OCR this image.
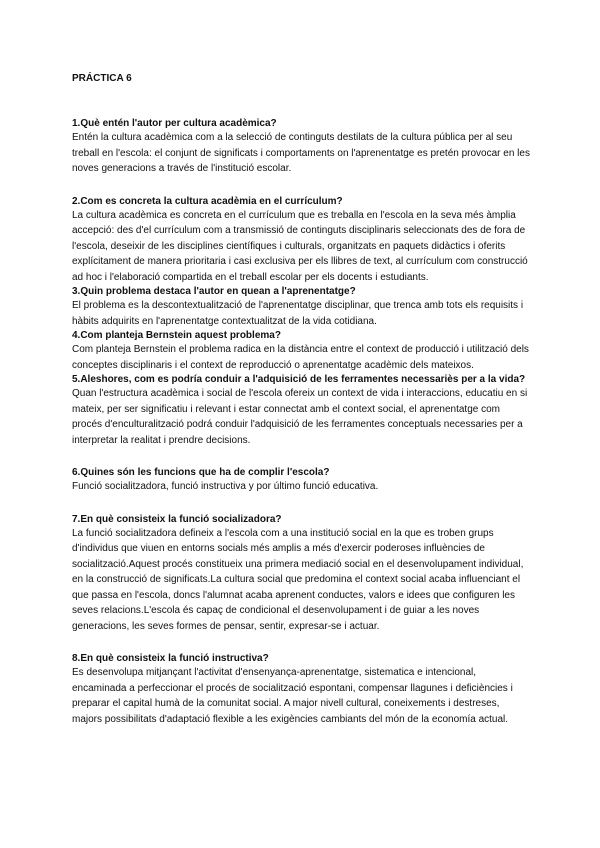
PRÁCTICA 6

1.Què entén l'autor per cultura acadèmica?

Entén la cultura acadèmica com a la selecció de continguts destilats de la cultura pública per al seu treball en l'escola: el conjunt de significats i comportaments on l'aprenentatge es pretén provocar en les noves generacions a través de l'institució escolar.

2.Com es concreta la cultura acadèmia en el currículum?

La cultura acadèmica es concreta en el currículum que es treballa en l'escola en la seva més àmplia accepció: des d'el currículum com a transmissió de continguts disciplinaris seleccionats des de fora de l'escola, deseixir de les disciplines científiques i culturals, organitzats en paquets didàctics i oferits explícitament de manera prioritaria i casi exclusiva per els llibres de text, al currículum com construcció ad hoc i l'elaboració compartida en el treball escolar per els docents i estudiants.

3.Quin problema destaca l'autor en quean a l'aprenentatge?

El problema es la descontextualització de l'aprenentatge disciplinar, que trenca amb tots els requisits i hàbits adquirits en l'aprenentatge contextualitzat de la vida cotidiana.

4.Com planteja Bernstein aquest problema?

Com planteja Bernstein el problema radica en la distància entre el context de producció i utilització dels conceptes disciplinaris i el context de reproducció o aprenentatge acadèmic dels mateixos.

5.Aleshores, com es podría conduir a l'adquisició de les ferramentes necessariès per a la vida?

Quan l'estructura acadèmica i social de l'escola ofereix un context de vida i interaccions, educatiu en si mateix, per ser significatiu i relevant i estar connectat amb el context social, el aprenentatge com procés d'enculturalització podrá conduir l'adquisició de les ferramentes conceptuals necessaries per a interpretar la realitat i prendre decisions.

6.Quines són les funcions que ha de complir l'escola?

Funció socialitzadora, funció instructiva y por último funció educativa.

7.En què consisteix la funció socializadora?

La funció socialitzadora defineix a l'escola com a una institució social en la que es troben grups d'individus que viuen en entorns socials més amplis a més d'exercir poderoses influències de socialització.Aquest procés constitueix una primera mediació social en el desenvolupament individual, en la construcció de significats.La cultura social que predomina el context social acaba influenciant el que passa en l'escola, doncs l'alumnat acaba aprenent conductes, valors e idees que configuren les seves relacions.L'escola és capaç de condicional el desenvolupament i de guiar a les noves generacions, les seves formes de pensar, sentir, expresar-se i actuar.

8.En què consisteix la funció instructiva?

Es desenvolupa mitjançant l'activitat d'ensenyança-aprenentatge, sistematica e intencional, encaminada a perfeccionar el procés de socialització espontani, compensar llagunes i deficiències i preparar el capital humà de la comunitat social. A major nivell cultural, coneixements i destreses, majors possibilitats d'adaptació flexible a les exigències cambiants del món de la economía actual.
